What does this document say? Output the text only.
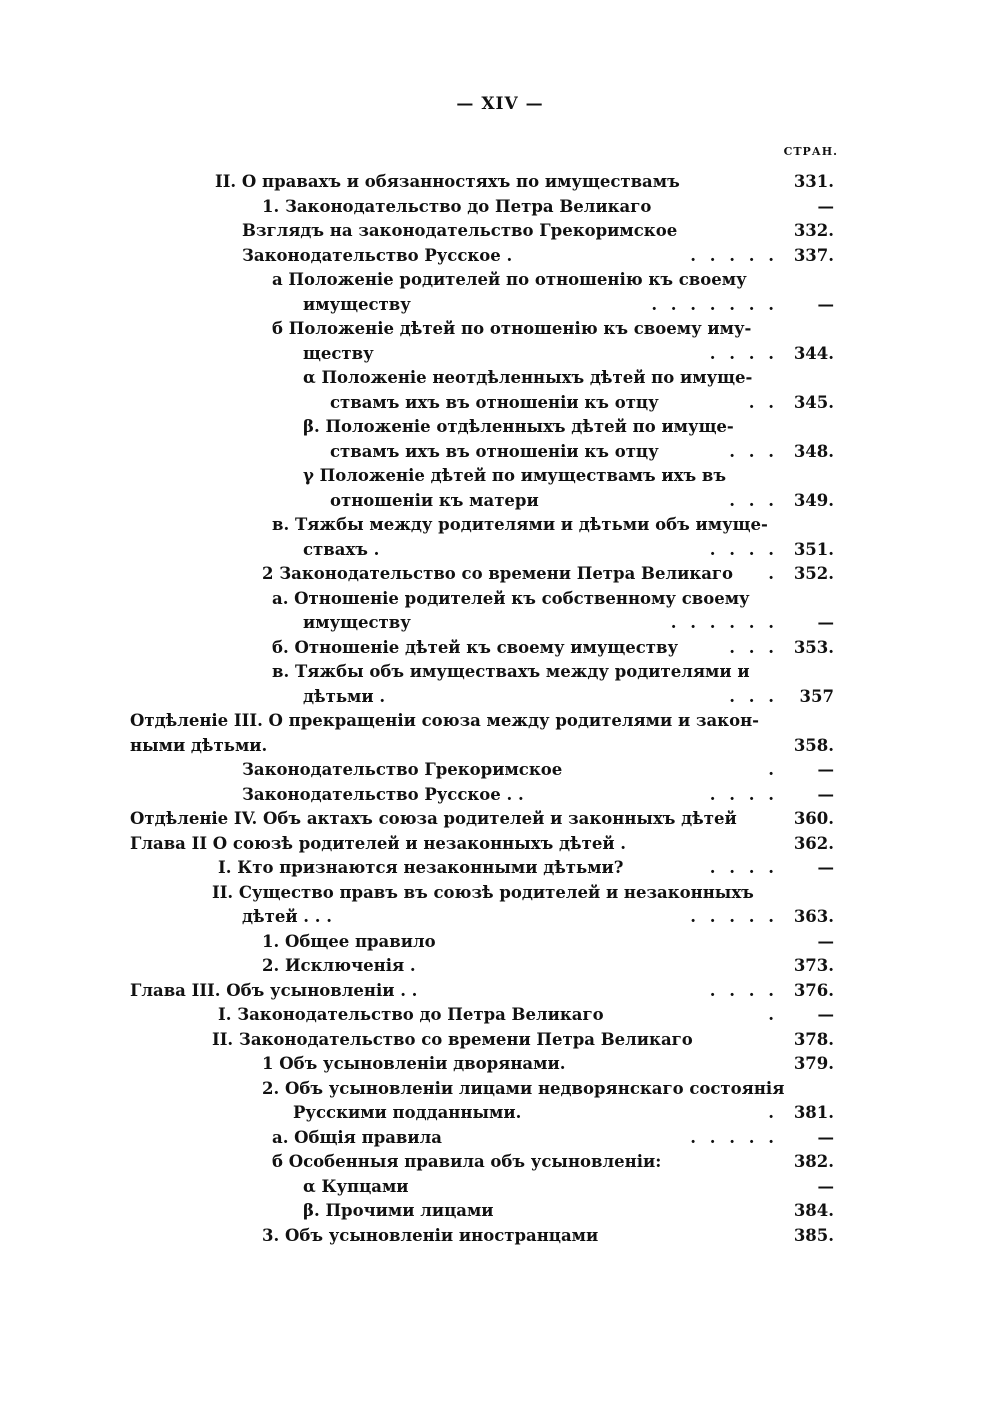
— XIV —
СТРАН.
II. О правахъ и обязанностяхъ по имуществамъ	331.
1. Законодательство до Петра Великаго	—
Взглядъ на законодательство Грекоримское	332.
Законодательство Русское .	. . . . . 337.
а Положеніе родителей по отношенію къ своему
имуществу	. . . . . . .	—
б Положеніе дѣтей по отношенію къ своему иму-
ществу	. . . . 344.
α Положеніе неотдѣленныхъ дѣтей по имуще-
ствамъ ихъ въ отношеніи къ отцу	. . 345.
β. Положеніе отдѣленныхъ дѣтей по имуще-
ствамъ ихъ въ отношеніи къ отцу	. . . 348.
γ Положеніе дѣтей по имуществамъ ихъ въ
отношеніи къ матери	. . . 349.
в. Тяжбы между родителями и дѣтьми объ имуще-
ствахъ .	. . . . 351.
2 Законодательство со времени Петра Великаго . 352.
а. Отношеніе родителей къ собственному своему
имуществу	. . . . . .	—
б. Отношеніе дѣтей къ своему имуществу	. . . 353.
в. Тяжбы объ имуществахъ между родителями и
дѣтьми .	. . .	357
Отдѣленіе III. О прекращеніи союза между родителями и закон-
ными дѣтьми.	358.
Законодательство Грекоримское	.	—
Законодательство Русское . .	. . . .	—
Отдѣленіе IV. Объ актахъ союза родителей и законныхъ дѣтей	360.
Глава II О союзѣ родителей и незаконныхъ дѣтей .	362.
I. Кто признаются незаконными дѣтьми?	. . . .	—
II. Существо правъ въ союзѣ родителей и незаконныхъ
дѣтей . . .	. . . . . 363.
1. Общее правило	—
2. Исключенія .	373.
Глава III. Объ усыновленіи . .	. . . . 376.
I. Законодательство до Петра Великаго	.	—
II. Законодательство со времени Петра Великаго	378.
1 Объ усыновленіи дворянами.	379.
2. Объ усыновленіи лицами недворянскаго состоянія
Русскими подданными.	. 381.
а. Общія правила	. . . . .	—
б Особенныя правила объ усыновленіи:	382.
α Купцами	—
β. Прочими лицами	384.
3. Объ усыновленіи иностранцами	385.
